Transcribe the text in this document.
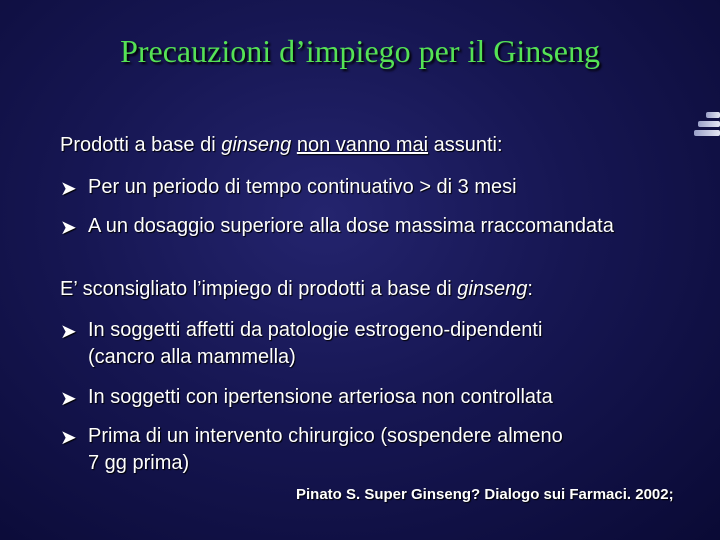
Precauzioni d’impiego per il Ginseng
Prodotti a base di ginseng non vanno mai assunti:
➤ Per un periodo di tempo continuativo > di 3 mesi
➤ A un dosaggio superiore alla dose massima rraccomandata
E’ sconsigliato l’impiego di prodotti a base di ginseng:
➤ In soggetti affetti da patologie estrogeno-dipendenti
(cancro alla mammella)
➤ In soggetti con ipertensione arteriosa non controllata
➤ Prima di un intervento chirurgico (sospendere almeno
7 gg prima)
Pinato S. Super Ginseng? Dialogo sui Farmaci. 2002;
